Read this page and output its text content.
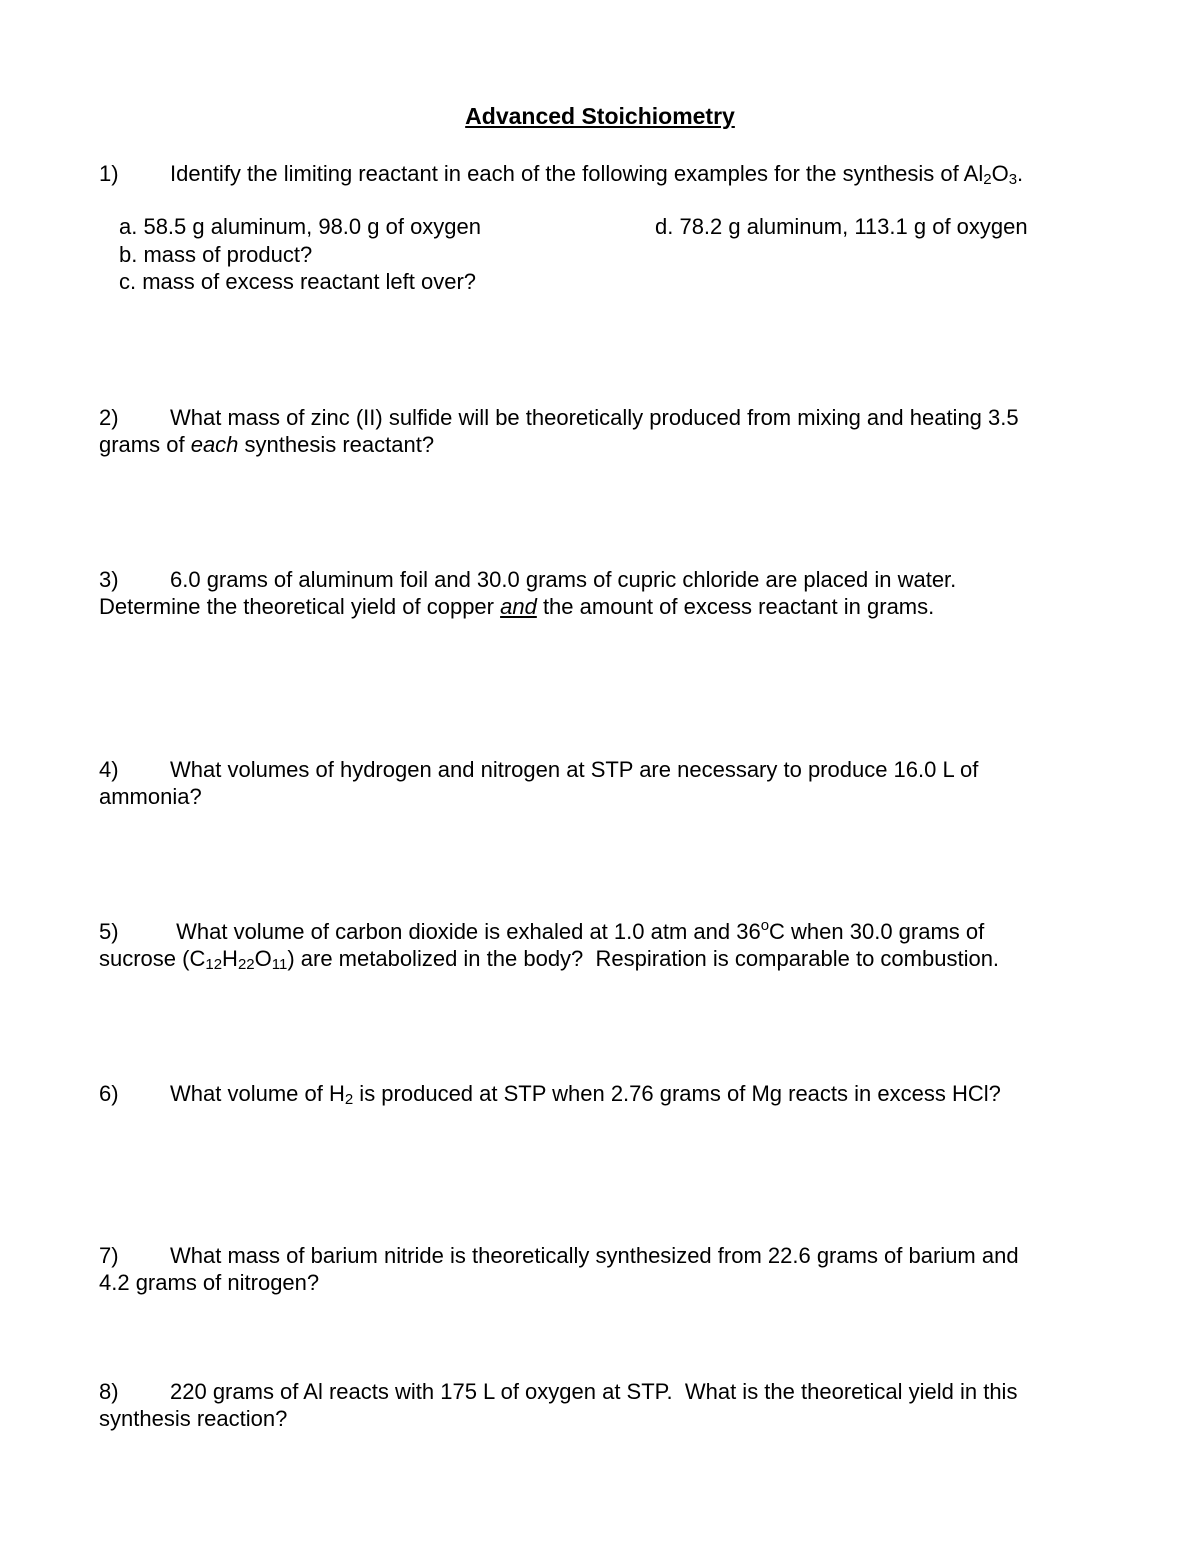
Advanced Stoichiometry
1) Identify the limiting reactant in each of the following examples for the synthesis of $Al_2O_3$.
a. 58.5 g aluminum, 98.0 g of oxygen	d. 78.2 g aluminum, 113.1 g of oxygen
b. mass of product?
c. mass of excess reactant left over?
2) What mass of zinc (II) sulfide will be theoretically produced from mixing and heating 3.5
grams of each synthesis reactant?
3) 6.0 grams of aluminum foil and 30.0 grams of cupric chloride are placed in water.
Determine the theoretical yield of copper and the amount of excess reactant in grams.
4) What volumes of hydrogen and nitrogen at STP are necessary to produce 16.0 L of
ammonia?
5) What volume of carbon dioxide is exhaled at 1.0 atm and 36$^o$C when 30.0 grams of
sucrose $(C_{12}H_{22}O_{11})$ are metabolized in the body?  Respiration is comparable to combustion.
6) What volume of $H_2$ is produced at STP when 2.76 grams of Mg reacts in excess HCl?
7) What mass of barium nitride is theoretically synthesized from 22.6 grams of barium and
4.2 grams of nitrogen?
8) 220 grams of Al reacts with 175 L of oxygen at STP.  What is the theoretical yield in this
synthesis reaction?
